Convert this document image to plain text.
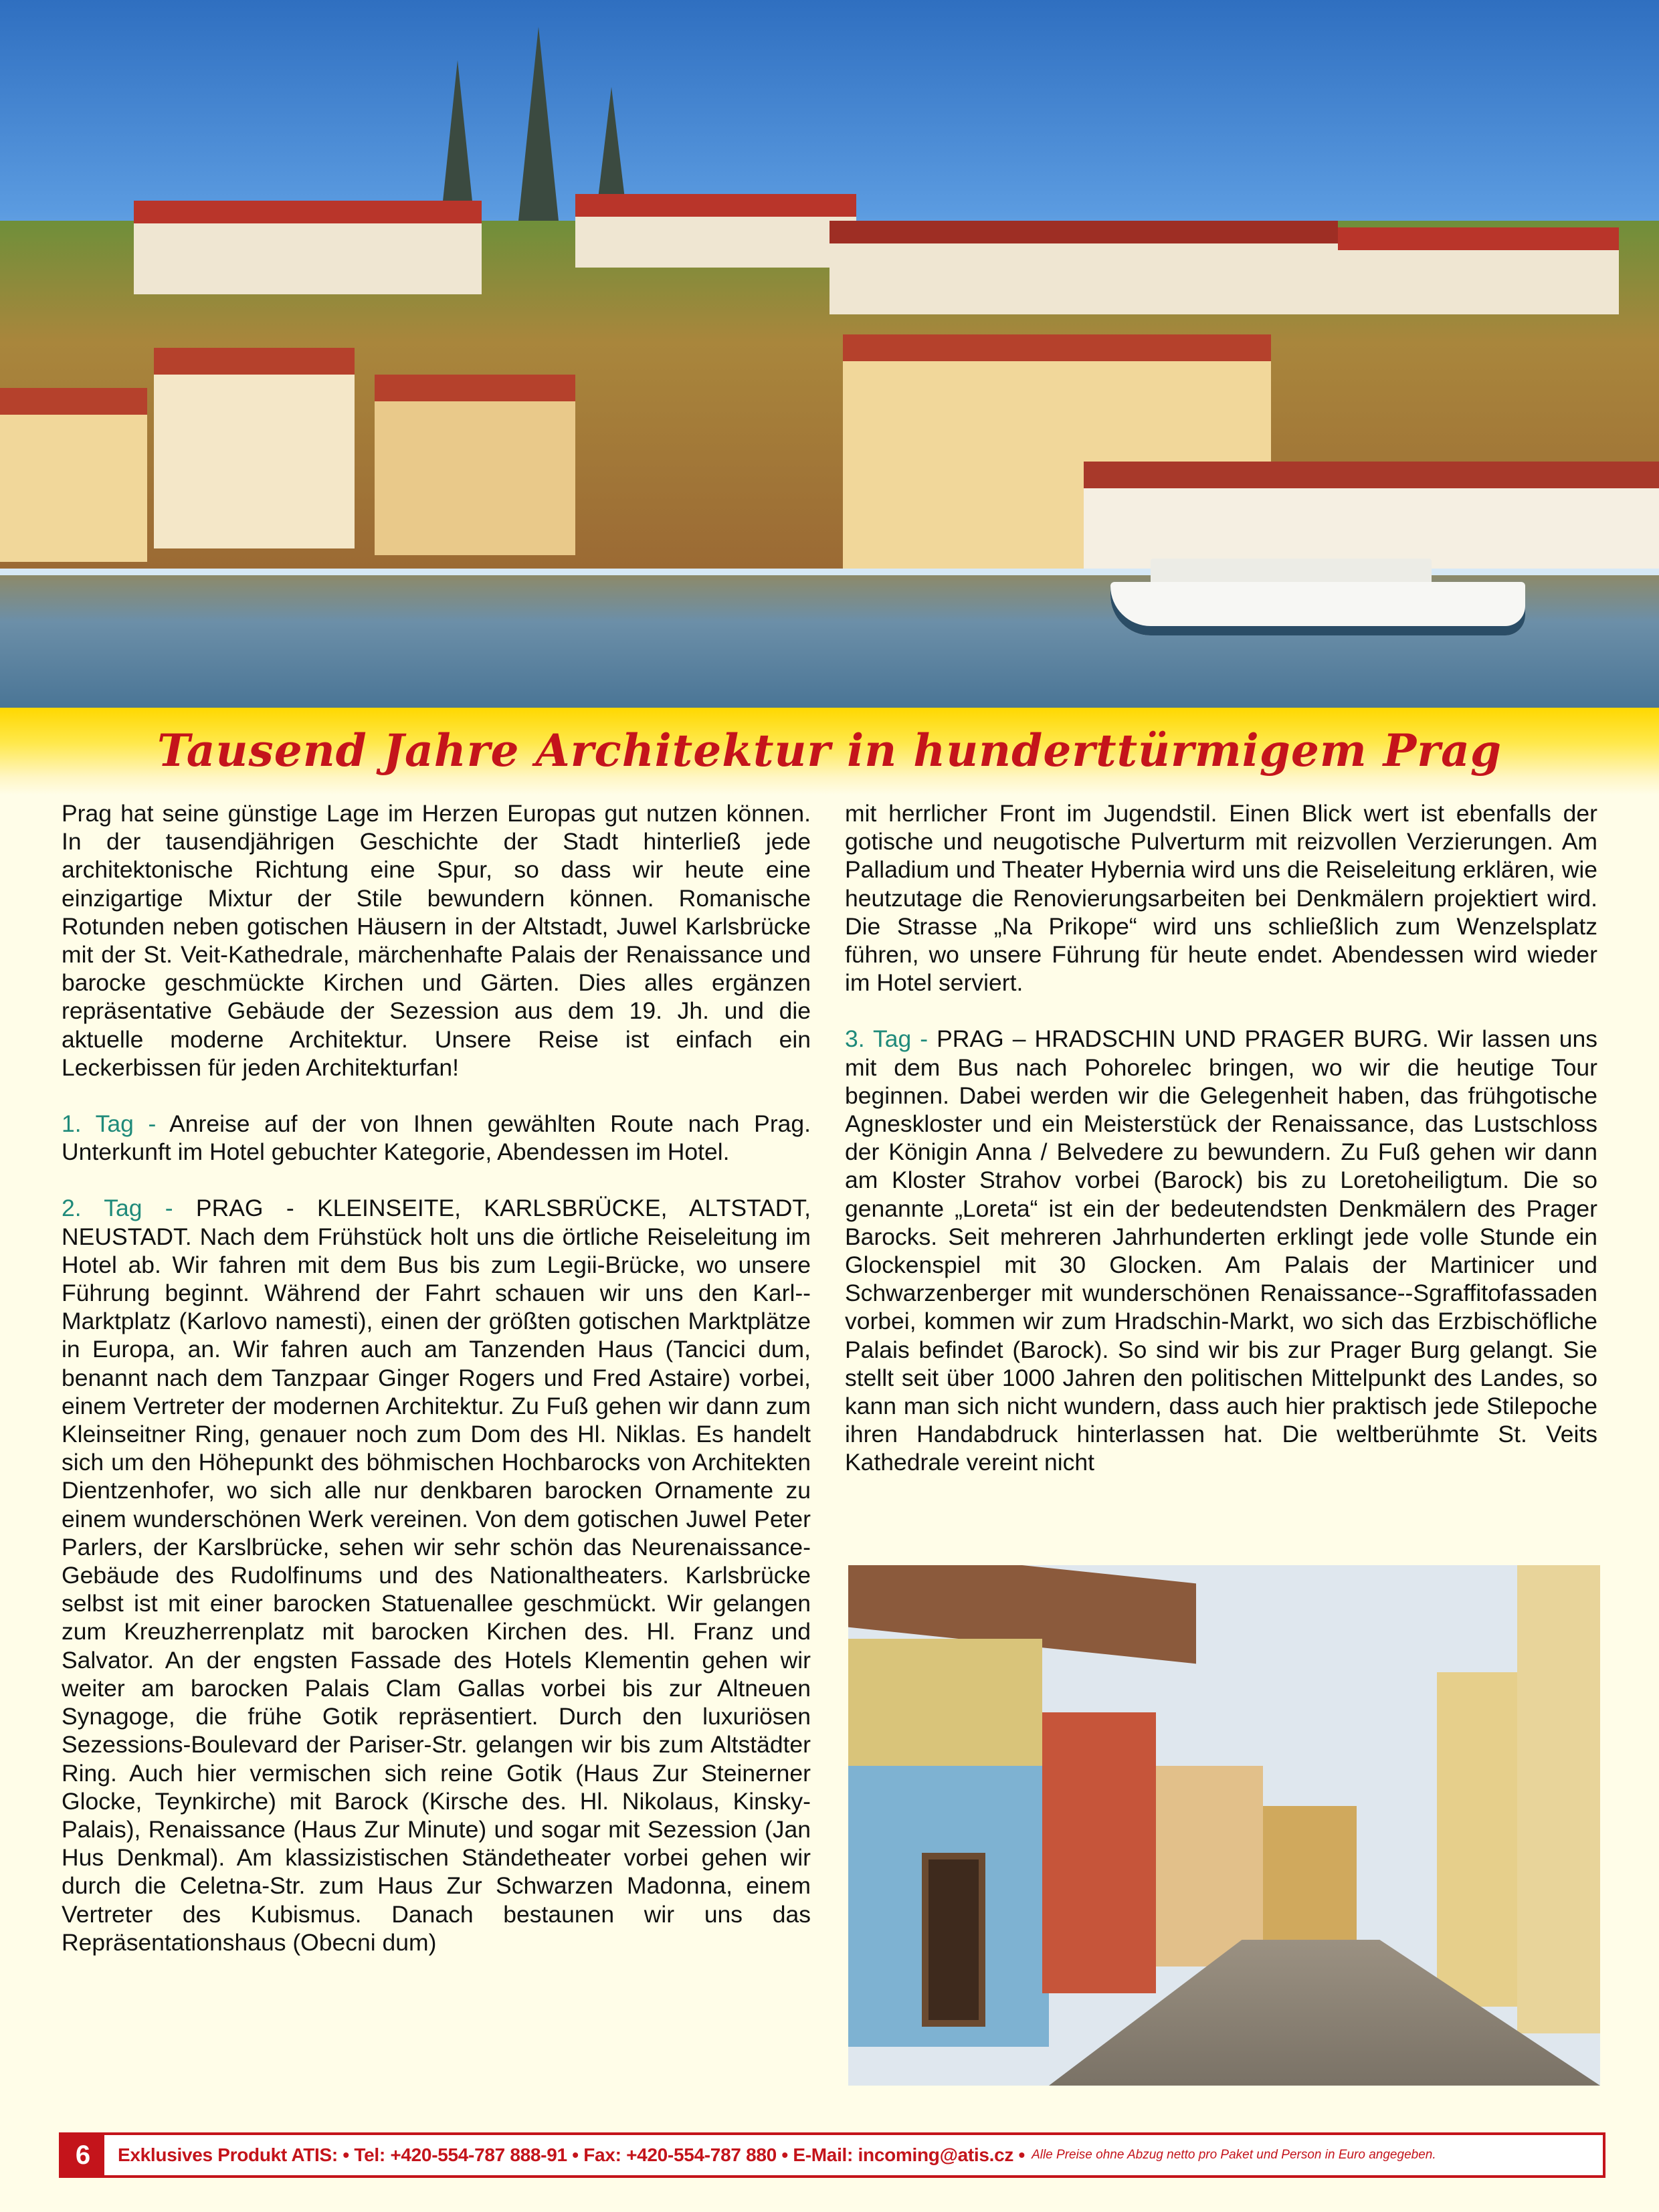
Tausend Jahre Architektur in hunderttürmigem Prag

Prag hat seine günstige Lage im Herzen Europas gut nutzen können. In der tausendjährigen Geschichte der Stadt hinterließ jede architektonische Richtung eine Spur, so dass wir heute eine einzigartige Mixtur der Stile bewundern können. Romanische Rotunden neben gotischen Häusern in der Altstadt, Juwel Karlsbrücke mit der St. Veit-Kathedrale, märchenhafte Palais der Renaissance und barocke geschmückte Kirchen und Gärten. Dies alles ergänzen repräsentative Gebäude der Sezession aus dem 19. Jh. und die aktuelle moderne Architektur. Unsere Reise ist einfach ein Leckerbissen für jeden Architekturfan!

1. Tag - Anreise auf der von Ihnen gewählten Route nach Prag. Unterkunft im Hotel gebuchter Kategorie, Abendessen im Hotel.

2. Tag - PRAG - KLEINSEITE, KARLSBRÜCKE, ALTSTADT, NEUSTADT. Nach dem Frühstück holt uns die örtliche Reiseleitung im Hotel ab. Wir fahren mit dem Bus bis zum Legii-Brücke, wo unsere Führung beginnt. Während der Fahrt schauen wir uns den Karl--Marktplatz (Karlovo namesti), einen der größten gotischen Marktplätze in Europa, an. Wir fahren auch am Tanzenden Haus (Tancici dum, benannt nach dem Tanzpaar Ginger Rogers und Fred Astaire) vorbei, einem Vertreter der modernen Architektur. Zu Fuß gehen wir dann zum Kleinseitner Ring, genauer noch zum Dom des Hl. Niklas. Es handelt sich um den Höhepunkt des böhmischen Hochbarocks von Architekten Dientzenhofer, wo sich alle nur denkbaren barocken Ornamente zu einem wunderschönen Werk vereinen. Von dem gotischen Juwel Peter Parlers, der Karslbrücke, sehen wir sehr schön das Neurenaissance-Gebäude des Rudolfinums und des Nationaltheaters. Karlsbrücke selbst ist mit einer barocken Statuenallee geschmückt. Wir gelangen zum Kreuzherrenplatz mit barocken Kirchen des. Hl. Franz und Salvator. An der engsten Fassade des Hotels Klementin gehen wir weiter am barocken Palais Clam Gallas vorbei bis zur Altneuen Synagoge, die frühe Gotik repräsentiert. Durch den luxuriösen Sezessions-Boulevard der Pariser-Str. gelangen wir bis zum Altstädter Ring. Auch hier vermischen sich reine Gotik (Haus Zur Steinerner Glocke, Teynkirche) mit Barock (Kirsche des. Hl. Nikolaus, Kinsky-Palais), Renaissance (Haus Zur Minute) und sogar mit Sezession (Jan Hus Denkmal). Am klassizistischen Ständetheater vorbei gehen wir durch die Celetna-Str. zum Haus Zur Schwarzen Madonna, einem Vertreter des Kubismus. Danach bestaunen wir uns das Repräsentationshaus (Obecni dum)

mit herrlicher Front im Jugendstil. Einen Blick wert ist ebenfalls der gotische und neugotische Pulverturm mit reizvollen Verzierungen. Am Palladium und Theater Hybernia wird uns die Reiseleitung erklären, wie heutzutage die Renovierungsarbeiten bei Denkmälern projektiert wird. Die Strasse „Na Prikope“ wird uns schließlich zum Wenzelsplatz führen, wo unsere Führung für heute endet. Abendessen wird wieder im Hotel serviert.

3. Tag - PRAG – HRADSCHIN UND PRAGER BURG. Wir lassen uns mit dem Bus nach Pohorelec bringen, wo wir die heutige Tour beginnen. Dabei werden wir die Gelegenheit haben, das frühgotische Agneskloster und ein Meisterstück der Renaissance, das Lustschloss der Königin Anna / Belvedere zu bewundern. Zu Fuß gehen wir dann am Kloster Strahov vorbei (Barock) bis zu Loretoheiligtum. Die so genannte „Loreta“ ist ein der bedeutendsten Denkmälern des Prager Barocks. Seit mehreren Jahrhunderten erklingt jede volle Stunde ein Glockenspiel mit 30 Glocken. Am Palais der Martinicer und Schwarzenberger mit wunderschönen Renaissance--Sgraffitofassaden vorbei, kommen wir zum Hradschin-Markt, wo sich das Erzbischöfliche Palais befindet (Barock). So sind wir bis zur Prager Burg gelangt. Sie stellt seit über 1000 Jahren den politischen Mittelpunkt des Landes, so kann man sich nicht wundern, dass auch hier praktisch jede Stilepoche ihren Handabdruck hinterlassen hat. Die weltberühmte St. Veits Kathedrale vereint nicht

6	Exklusives Produkt ATIS: • Tel: +420-554-787 888-91 • Fax: +420-554-787 880 • E-Mail: incoming@atis.cz • Alle Preise ohne Abzug netto pro Paket und Person in Euro angegeben.
